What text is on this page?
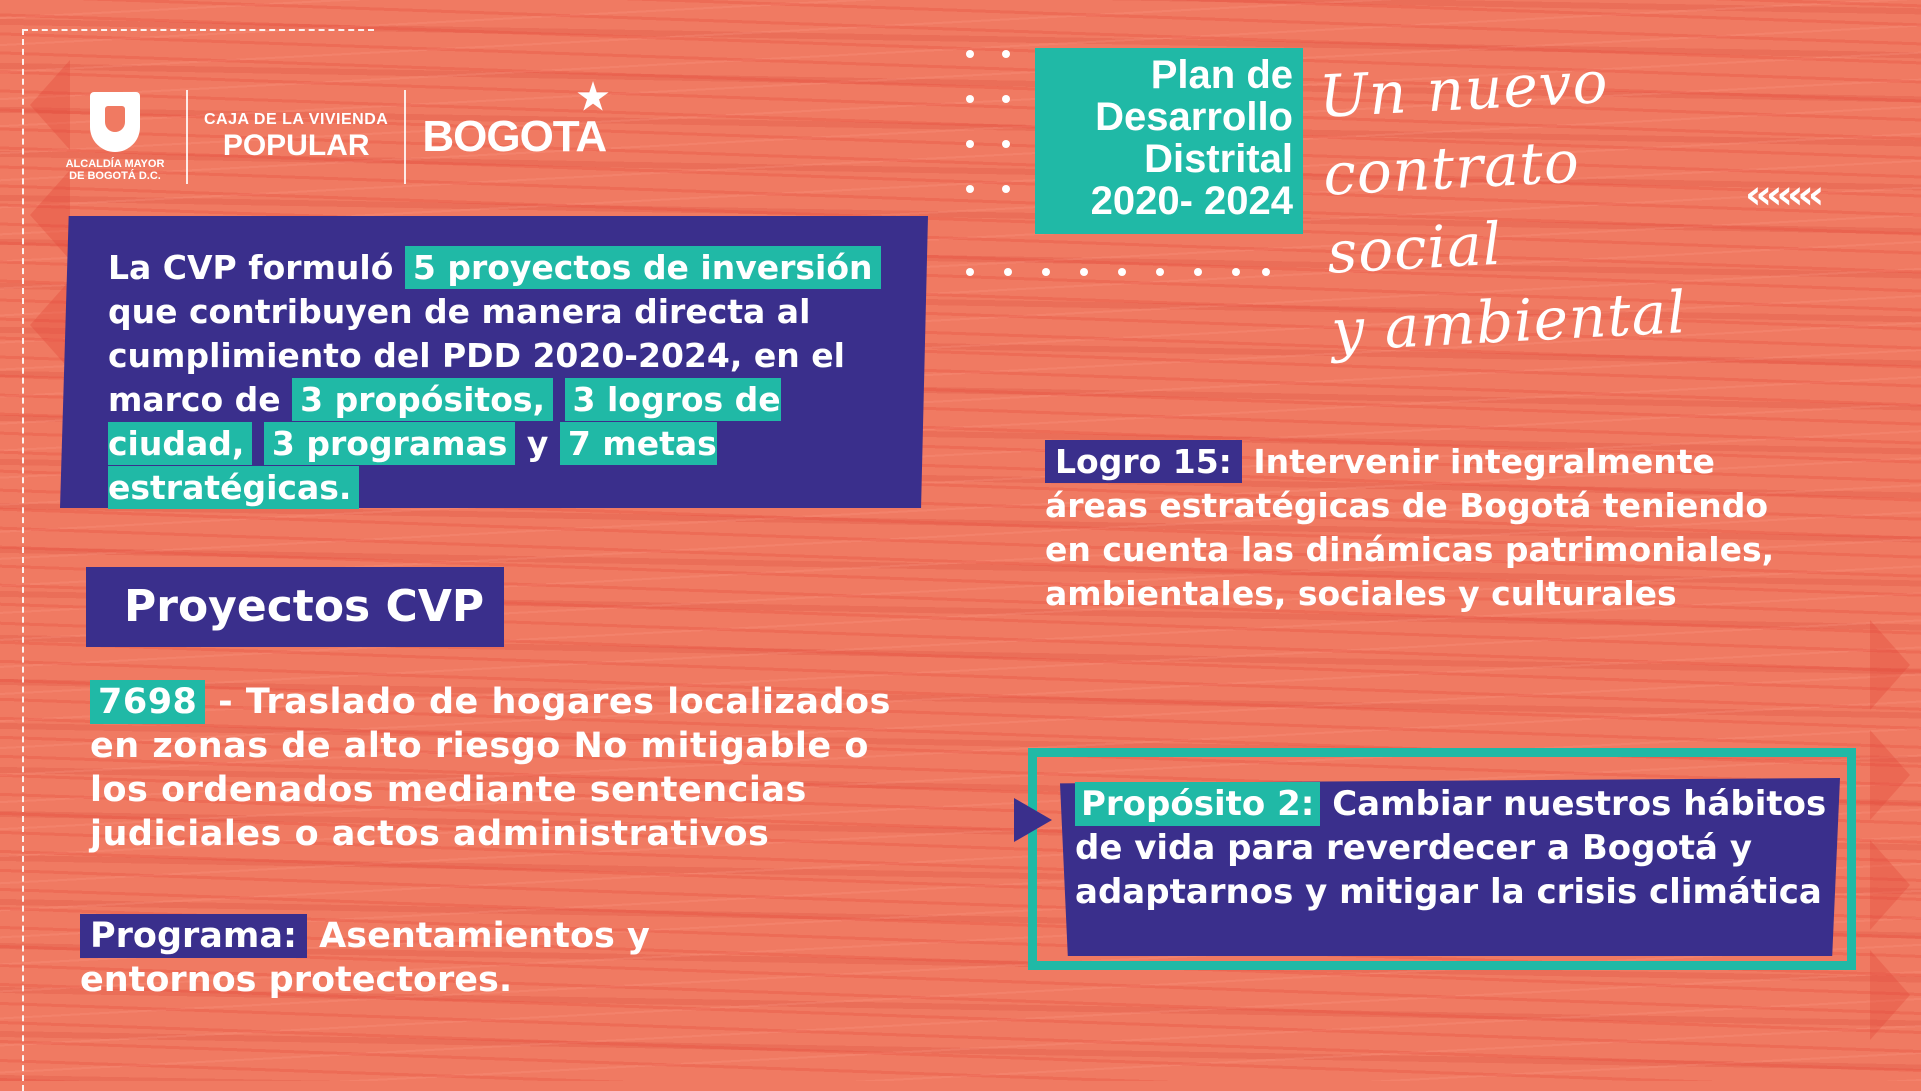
ALCALDÍA MAYOR DE BOGOTÁ D.C.
CAJA DE LA VIVIENDA
POPULAR	BOGOTA
★	Plan de
Desarrollo
Distrital
2020- 2024
Un nuevo
contrato social
y ambiental
‹‹‹‹‹‹‹
La CVP formuló 5 proyectos de inversión que contribuyen de manera directa al cumplimiento del PDD 2020-2024, en el marco de 3 propósitos, 3 logros de ciudad, 3 programas y 7 metas estratégicas.
Proyectos CVP
7698 - Traslado de hogares localizados en zonas de alto riesgo No mitigable o los ordenados mediante sentencias judiciales o actos administrativos
Programa: Asentamientos y entornos protectores.
Logro 15: Intervenir integralmente áreas estratégicas de Bogotá teniendo en cuenta las dinámicas patrimoniales, ambientales, sociales y culturales
Propósito 2: Cambiar nuestros hábitos de vida para reverdecer a Bogotá y adaptarnos y mitigar la crisis climática
